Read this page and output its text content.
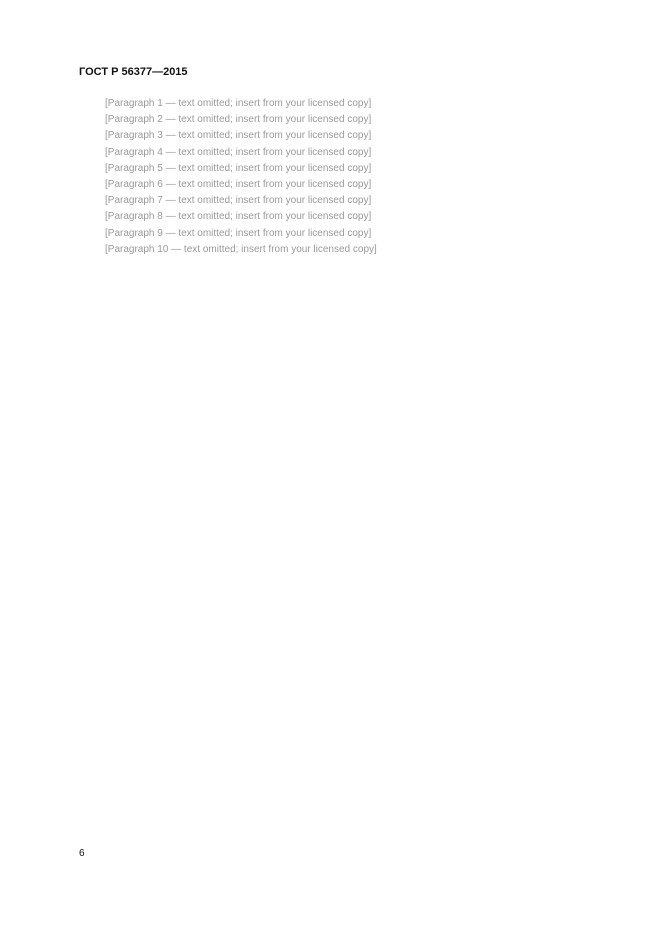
ГОСТ Р 56377—2015

[Paragraph 1 — text omitted; insert from your licensed copy]

[Paragraph 2 — text omitted; insert from your licensed copy]

[Paragraph 3 — text omitted; insert from your licensed copy]

[Paragraph 4 — text omitted; insert from your licensed copy]

[Paragraph 5 — text omitted; insert from your licensed copy]

[Paragraph 6 — text omitted; insert from your licensed copy]

[Paragraph 7 — text omitted; insert from your licensed copy]

[Paragraph 8 — text omitted; insert from your licensed copy]

[Paragraph 9 — text omitted; insert from your licensed copy]

[Paragraph 10 — text omitted; insert from your licensed copy]

6
